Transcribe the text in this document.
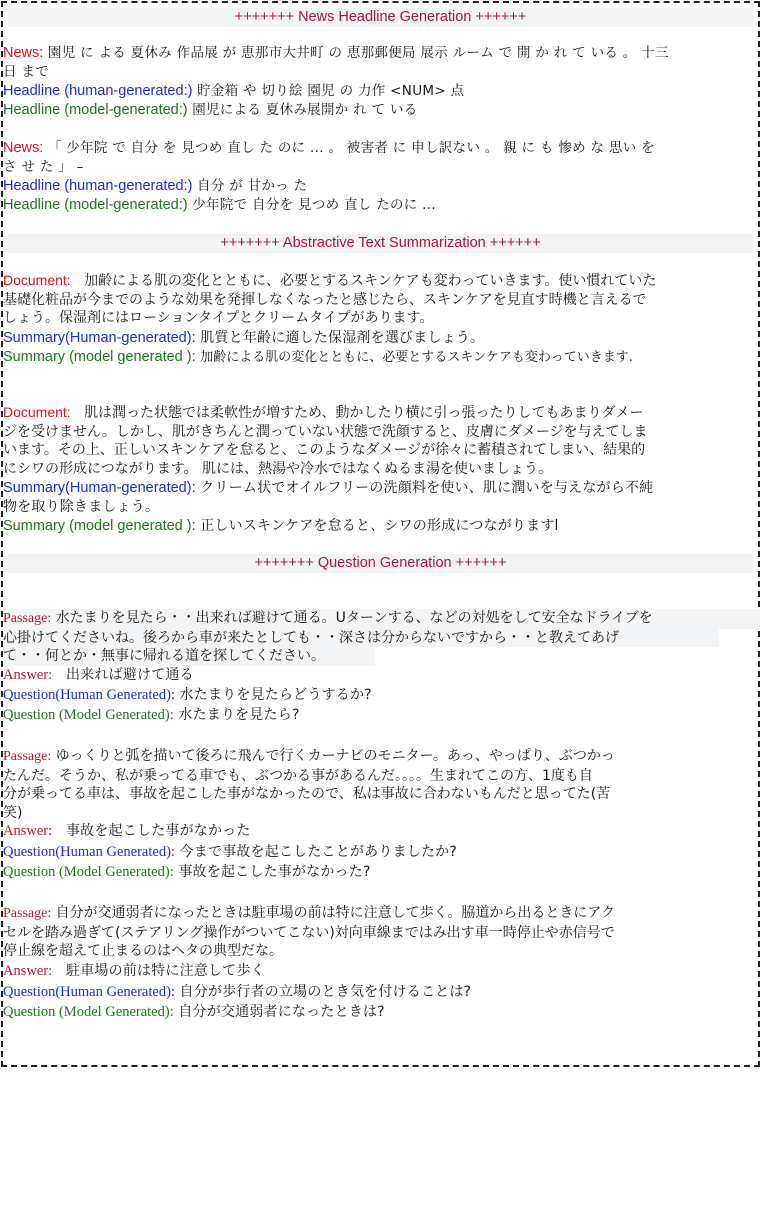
+++++++ News Headline Generation ++++++
News: 園児 に よる 夏休み 作品展 が 恵那市大井町 の 恵那郵便局 展示 ルーム で 開 か れ て いる 。 十三
日 まで
Headline (human-generated:) 貯金箱 や 切り絵 園児 の 力作 <NUM> 点
Headline (model-generated:) 園児による 夏休み展開か れ て いる
News: 「 少年院 で 自分 を 見つめ 直し た のに ... 。 被害者 に 申し訳ない 。 親 に も 惨め な 思い を
さ せ た 」 –
Headline (human-generated:) 自分 が 甘かっ た
Headline (model-generated:) 少年院で 自分を 見つめ 直し たのに ...
+++++++ Abstractive Text Summarization ++++++
Document: 加齢による肌の変化とともに、必要とするスキンケアも変わっていきます。使い慣れていた
基礎化粧品が今までのような効果を発揮しなくなったと感じたら、スキンケアを見直す時機と言えるで
しょう。保湿剤にはローションタイプとクリームタイプがあります。
Summary(Human-generated): 肌質と年齢に適した保湿剤を選びましょう。
Summary (model generated ): 加齢による肌の変化とともに、必要とするスキンケアも変わっていきます.
Document: 肌は潤った状態では柔軟性が増すため、動かしたり横に引っ張ったりしてもあまりダメー
ジを受けません。しかし、肌がきちんと潤っていない状態で洗顔すると、皮膚にダメージを与えてしま
います。その上、正しいスキンケアを怠ると、このようなダメージが徐々に蓄積されてしまい、結果的
にシワの形成につながります。 肌には、熱湯や冷水ではなくぬるま湯を使いましょう。
Summary(Human-generated): クリーム状でオイルフリーの洗顔料を使い、肌に潤いを与えながら不純
物を取り除きましょう。
Summary (model generated ): 正しいスキンケアを怠ると、シワの形成につながりますl
+++++++ Question Generation ++++++
Passage: 水たまりを見たら・・出来れば避けて通る。Uターンする、などの対処をして安全なドライブを
心掛けてくださいね。後ろから車が来たとしても・・深さは分からないですから・・と教えてあげ
て・・何とか・無事に帰れる道を探してください。
Answer: 出来れば避けて通る
Question(Human Generated): 水たまりを見たらどうするか?
Question (Model Generated): 水たまりを見たら?
Passage: ゆっくりと弧を描いて後ろに飛んで行くカーナビのモニター。あっ、やっぱり、ぶつかっ
たんだ。そうか、私が乗ってる車でも、ぶつかる事があるんだ。。。。生まれてこの方、1度も自
分が乗ってる車は、事故を起こした事がなかったので、私は事故に合わないもんだと思ってた(苦
笑)
Answer: 事故を起こした事がなかった
Question(Human Generated): 今まで事故を起こしたことがありましたか?
Question (Model Generated): 事故を起こした事がなかった?
Passage: 自分が交通弱者になったときは駐車場の前は特に注意して歩く。脇道から出るときにアク
セルを踏み過ぎて(ステアリング操作がついてこない)対向車線まではみ出す車一時停止や赤信号で
停止線を超えて止まるのはヘタの典型だな。
Answer: 駐車場の前は特に注意して歩く
Question(Human Generated): 自分が歩行者の立場のとき気を付けることは?
Question (Model Generated): 自分が交通弱者になったときは?
